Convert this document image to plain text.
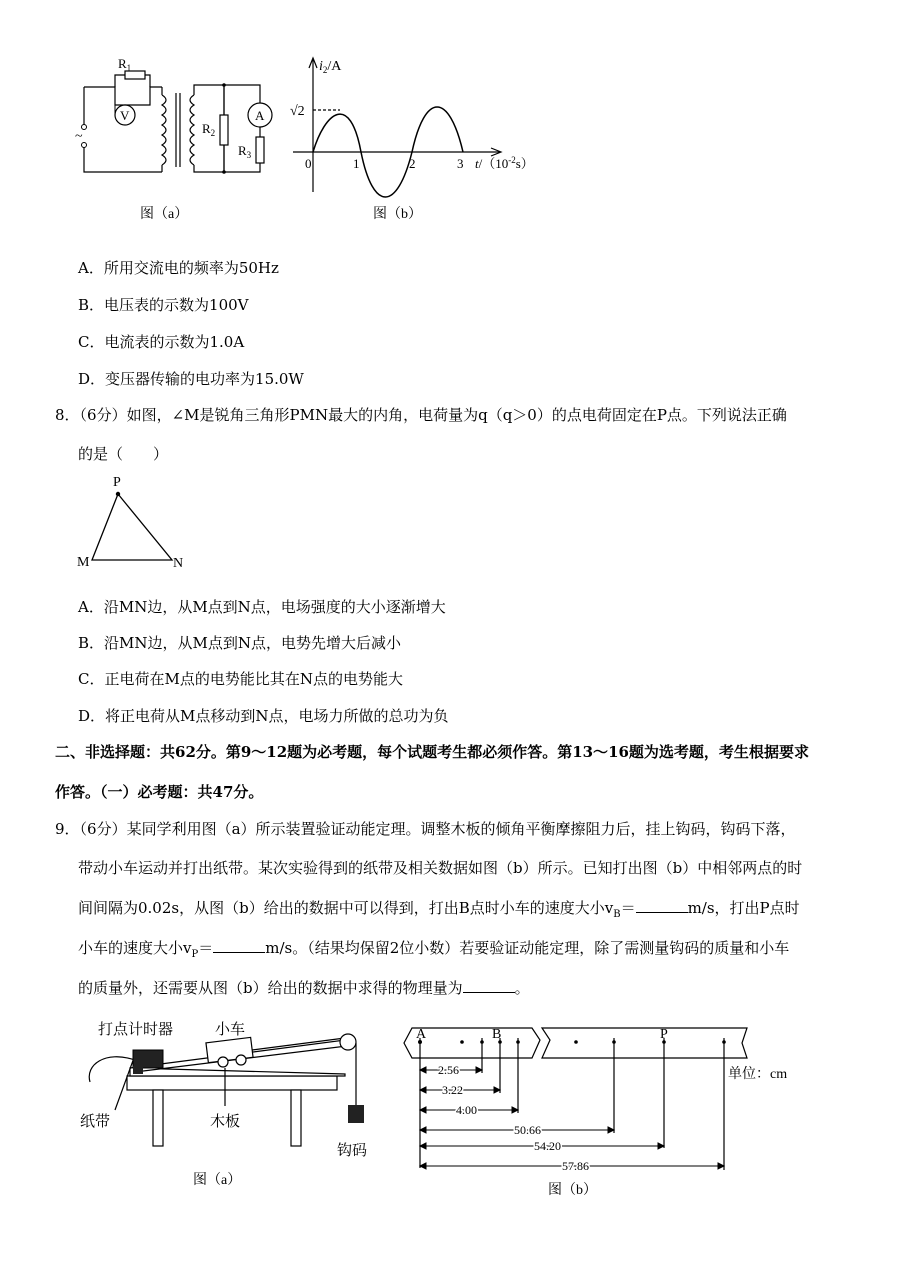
~
$R_1$
V
$R_2$
A
$R_3$
图（a）
$i_2/A$
√2
0	1	2	3 $t/(10^{-2}s)$
图（b）
A．所用交流电的频率为50Hz
B．电压表的示数为100V
C．电流表的示数为1.0A
D．变压器传输的电功率为15.0W
8．（6分）如图，∠M是锐角三角形PMN最大的内角，电荷量为q（q＞0）的点电荷固定在P点。下列说法正确
的是（　　）
P
M	N
A．沿MN边，从M点到N点，电场强度的大小逐渐增大
B．沿MN边，从M点到N点，电势先增大后减小
C．正电荷在M点的电势能比其在N点的电势能大
D．将正电荷从M点移动到N点，电场力所做的总功为负
二、非选择题：共62分。第9～12题为必考题，每个试题考生都必须作答。第13～16题为选考题，考生根据要求
作答。（一）必考题：共47分。
9．（6分）某同学利用图（a）所示装置验证动能定理。调整木板的倾角平衡摩擦阻力后，挂上钩码，钩码下落，
带动小车运动并打出纸带。某次实验得到的纸带及相关数据如图（b）所示。已知打出图（b）中相邻两点的时
间间隔为0.02s，从图（b）给出的数据中可以得到，打出B点时小车的速度大小$v_B=$	m/s，打出P点时
小车的速度大小$v_P=$	m/s。（结果均保留2位小数）若要验证动能定理，除了需测量钩码的质量和小车
的质量外，还需要从图（b）给出的数据中求得的物理量为	。
打点计时器	小车
纸带	木板
钩码
图（a）
A	B	P
单位：cm
2.56
3.22
4.00
50.66
54.20
57.86
图（b）
